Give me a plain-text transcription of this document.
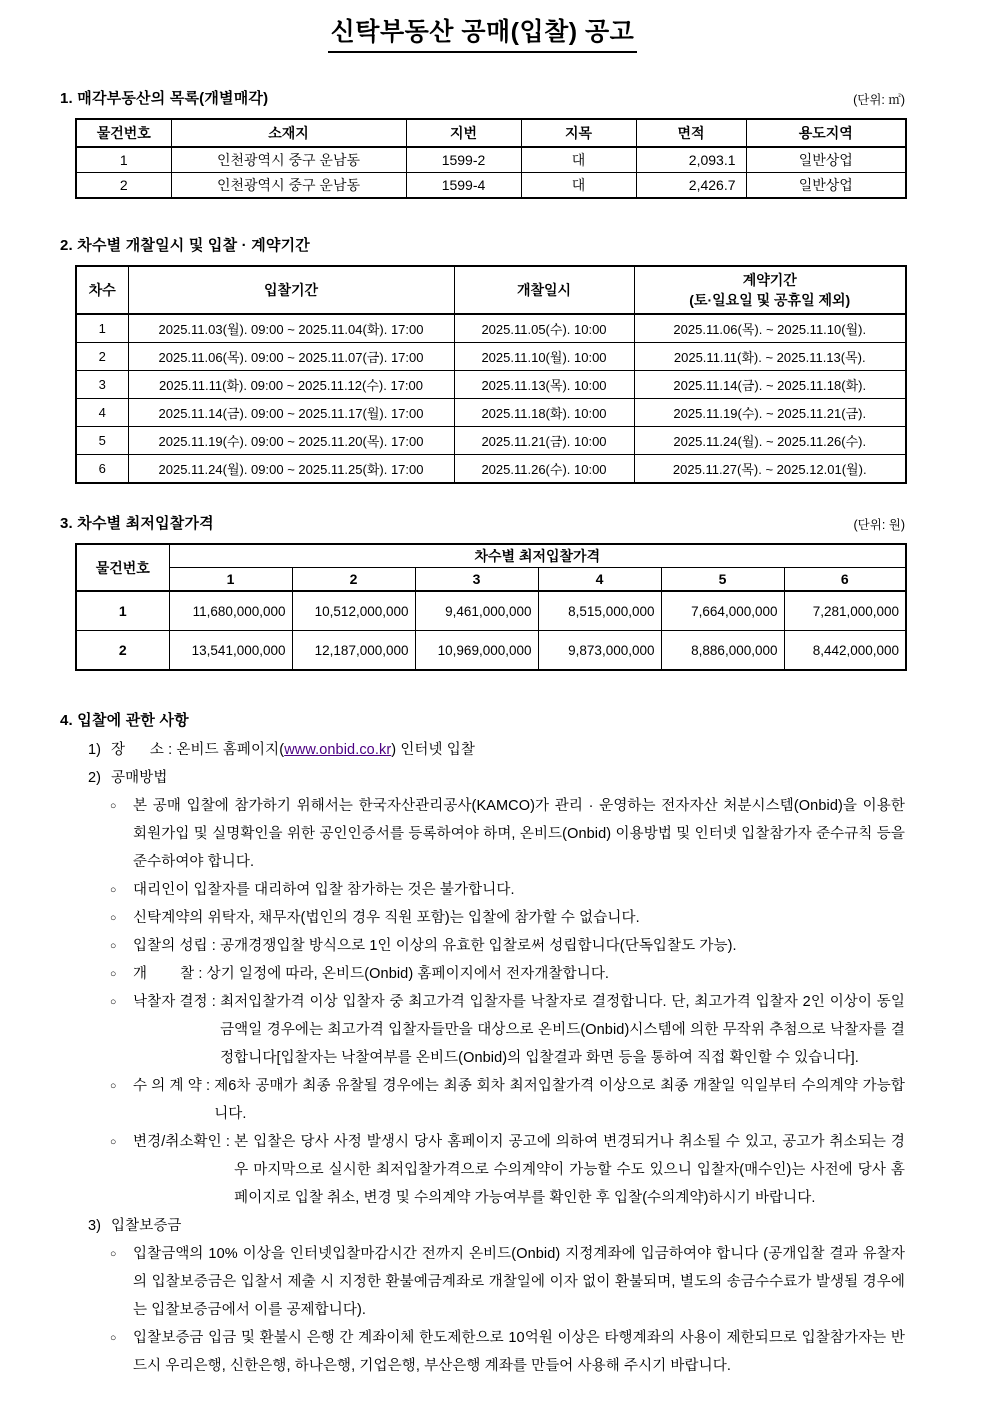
신탁부동산 공매(입찰) 공고
1. 매각부동산의 목록(개별매각)	(단위: ㎡)
물건번호	소재지	지번	지목	면적	용도지역
1	인천광역시 중구 운남동	1599-2	대	2,093.1	일반상업
2	인천광역시 중구 운남동	1599-4	대	2,426.7	일반상업
2. 차수별 개찰일시 및 입찰 · 계약기간
차수	입찰기간	개찰일시	계약기간
(토·일요일 및 공휴일 제외)

1	2025.11.03(월). 09:00 ~ 2025.11.04(화). 17:00	2025.11.05(수). 10:00	2025.11.06(목). ~ 2025.11.10(월).
2	2025.11.06(목). 09:00 ~ 2025.11.07(금). 17:00	2025.11.10(월). 10:00	2025.11.11(화). ~ 2025.11.13(목).
3	2025.11.11(화). 09:00 ~ 2025.11.12(수). 17:00	2025.11.13(목). 10:00	2025.11.14(금). ~ 2025.11.18(화).
4	2025.11.14(금). 09:00 ~ 2025.11.17(월). 17:00	2025.11.18(화). 10:00	2025.11.19(수). ~ 2025.11.21(금).
5	2025.11.19(수). 09:00 ~ 2025.11.20(목). 17:00	2025.11.21(금). 10:00	2025.11.24(월). ~ 2025.11.26(수).
6	2025.11.24(월). 09:00 ~ 2025.11.25(화). 17:00	2025.11.26(수). 10:00	2025.11.27(목). ~ 2025.12.01(월).
3. 차수별 최저입찰가격	(단위: 원)
물건번호	차수별 최저입찰가격					
	1	2	3	4	5	6
1	11,680,000,000	10,512,000,000	9,461,000,000	8,515,000,000	7,664,000,000	7,281,000,000
2	13,541,000,000	12,187,000,000	10,969,000,000	9,873,000,000	8,886,000,000	8,442,000,000
4. 입찰에 관한 사항
1) 장      소 : 온비드 홈페이지(www.onbid.co.kr) 인터넷 입찰
2) 공매방법
○	본 공매 입찰에 참가하기 위해서는 한국자산관리공사(KAMCO)가 관리 · 운영하는 전자자산 처분시스템(Onbid)을 이용한 회원가입 및 실명확인을 위한 공인인증서를 등록하여야 하며, 온비드(Onbid) 이용방법 및 인터넷 입찰참가자 준수규칙 등을 준수하여야 합니다.
○	대리인이 입찰자를 대리하여 입찰 참가하는 것은 불가합니다.
○	신탁계약의 위탁자, 채무자(법인의 경우 직원 포함)는 입찰에 참가할 수 없습니다.
○	입찰의 성립 : 공개경쟁입찰 방식으로 1인 이상의 유효한 입찰로써 성립합니다(단독입찰도 가능).
○	개        찰 : 상기 일정에 따라, 온비드(Onbid) 홈페이지에서 전자개찰합니다.
○	낙찰자 결정 : 최저입찰가격 이상 입찰자 중 최고가격 입찰자를 낙찰자로 결정합니다. 단, 최고가격 입찰자 2인 이상이 동일금액일 경우에는 최고가격 입찰자들만을 대상으로 온비드(Onbid)시스템에 의한 무작위 추첨으로 낙찰자를 결정합니다[입찰자는 낙찰여부를 온비드(Onbid)의 입찰결과 화면 등을 통하여 직접 확인할 수 있습니다].
○	수 의 계 약 : 제6차 공매가 최종 유찰될 경우에는 최종 회차 최저입찰가격 이상으로 최종 개찰일 익일부터 수의계약 가능합니다.
○	변경/취소확인 : 본 입찰은 당사 사정 발생시 당사 홈페이지 공고에 의하여 변경되거나 취소될 수 있고, 공고가 취소되는 경우 마지막으로 실시한 최저입찰가격으로 수의계약이 가능할 수도 있으니 입찰자(매수인)는 사전에 당사 홈페이지로 입찰 취소, 변경 및 수의계약 가능여부를 확인한 후 입찰(수의계약)하시기 바랍니다.
3) 입찰보증금
○	입찰금액의 10% 이상을 인터넷입찰마감시간 전까지 온비드(Onbid) 지정계좌에 입금하여야 합니다 (공개입찰 결과 유찰자의 입찰보증금은 입찰서 제출 시 지정한 환불예금계좌로 개찰일에 이자 없이 환불되며, 별도의 송금수수료가 발생될 경우에는 입찰보증금에서 이를 공제합니다).
○	입찰보증금 입금 및 환불시 은행 간 계좌이체 한도제한으로 10억원 이상은 타행계좌의 사용이 제한되므로 입찰참가자는 반드시 우리은행, 신한은행, 하나은행, 기업은행, 부산은행 계좌를 만들어 사용해 주시기 바랍니다.
